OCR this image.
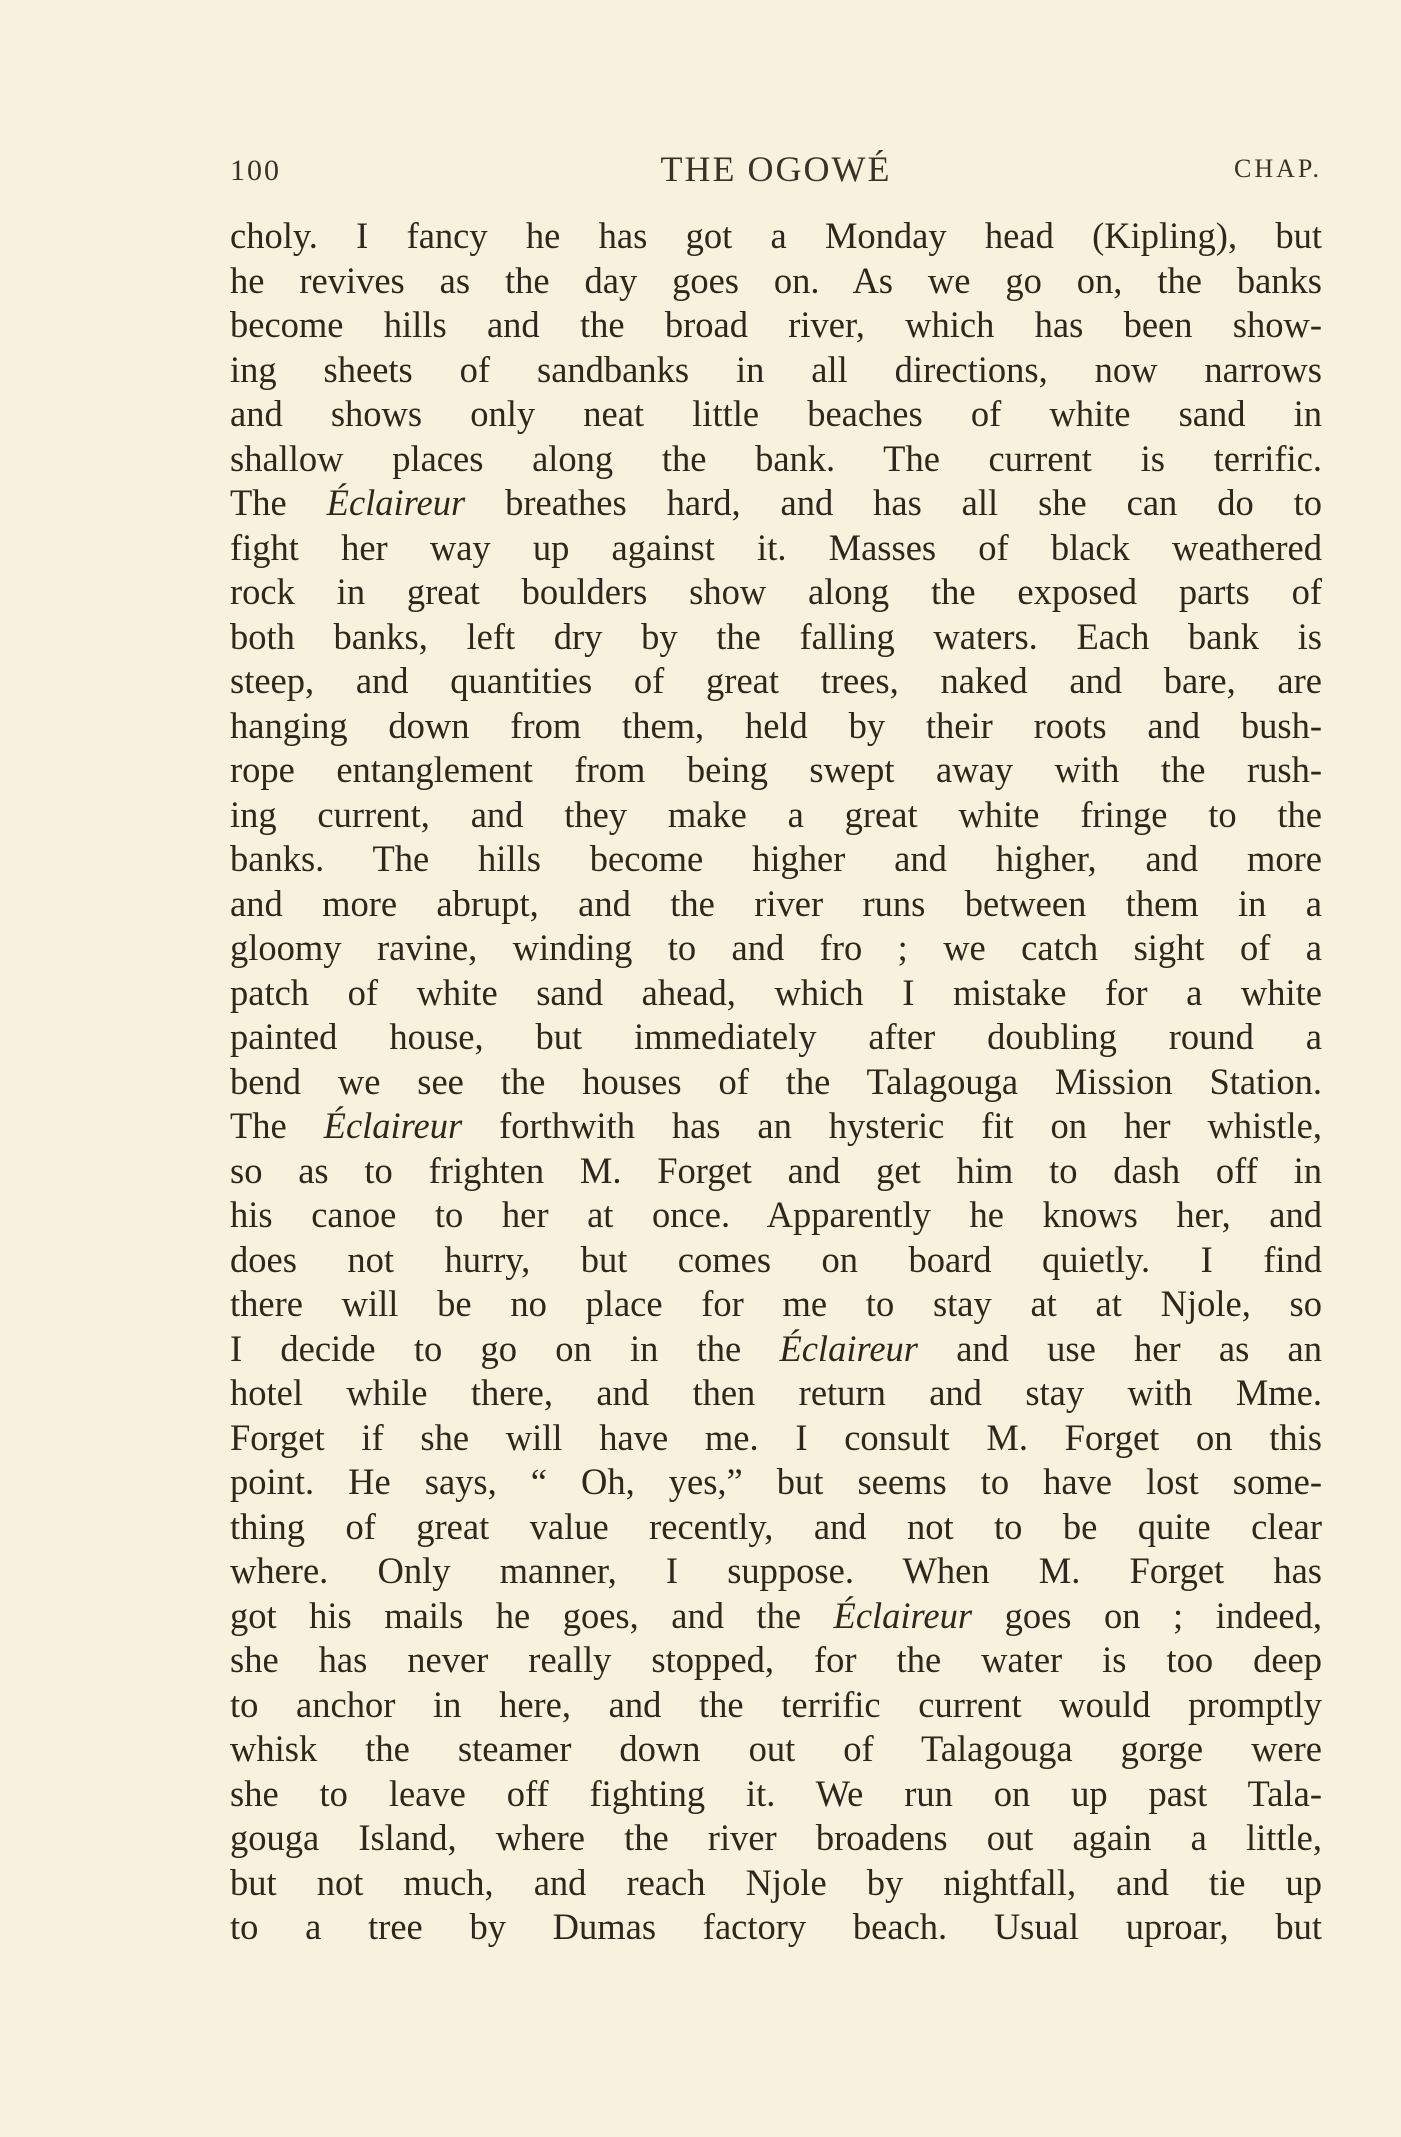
100	THE OGOWÉ	CHAP.
choly. I fancy he has got a Monday head (Kipling), but
he revives as the day goes on. As we go on, the banks
become hills and the broad river, which has been show-
ing sheets of sandbanks in all directions, now narrows
and shows only neat little beaches of white sand in
shallow places along the bank. The current is terrific.
The Éclaireur breathes hard, and has all she can do to
fight her way up against it. Masses of black weathered
rock in great boulders show along the exposed parts of
both banks, left dry by the falling waters. Each bank is
steep, and quantities of great trees, naked and bare, are
hanging down from them, held by their roots and bush-
rope entanglement from being swept away with the rush-
ing current, and they make a great white fringe to the
banks. The hills become higher and higher, and more
and more abrupt, and the river runs between them in a
gloomy ravine, winding to and fro ; we catch sight of a
patch of white sand ahead, which I mistake for a white
painted house, but immediately after doubling round a
bend we see the houses of the Talagouga Mission Station.
The Éclaireur forthwith has an hysteric fit on her whistle,
so as to frighten M. Forget and get him to dash off in
his canoe to her at once. Apparently he knows her, and
does not hurry, but comes on board quietly. I find
there will be no place for me to stay at at Njole, so
I decide to go on in the Éclaireur and use her as an
hotel while there, and then return and stay with Mme.
Forget if she will have me. I consult M. Forget on this
point. He says, “ Oh, yes,” but seems to have lost some-
thing of great value recently, and not to be quite clear
where. Only manner, I suppose. When M. Forget has
got his mails he goes, and the Éclaireur goes on ; indeed,
she has never really stopped, for the water is too deep
to anchor in here, and the terrific current would promptly
whisk the steamer down out of Talagouga gorge were
she to leave off fighting it. We run on up past Tala-
gouga Island, where the river broadens out again a little,
but not much, and reach Njole by nightfall, and tie up
to a tree by Dumas factory beach. Usual uproar, but
